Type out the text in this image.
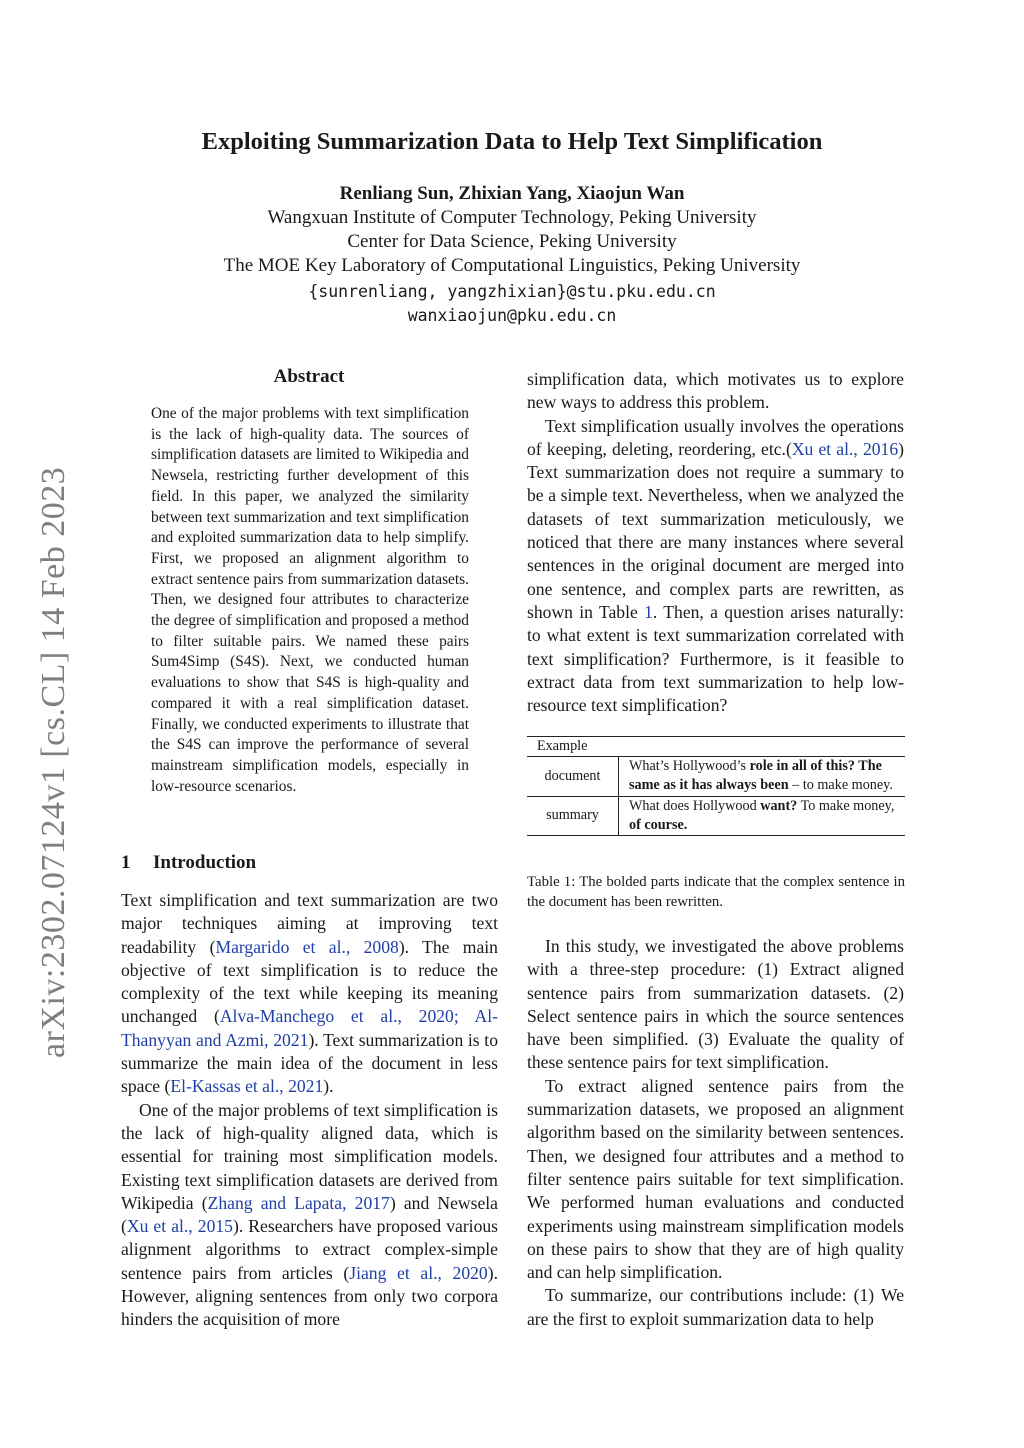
arXiv:2302.07124v1 [cs.CL] 14 Feb 2023
Exploiting Summarization Data to Help Text Simplification
Renliang Sun, Zhixian Yang, Xiaojun Wan
Wangxuan Institute of Computer Technology, Peking University
Center for Data Science, Peking University
The MOE Key Laboratory of Computational Linguistics, Peking University
{sunrenliang, yangzhixian}@stu.pku.edu.cn
wanxiaojun@pku.edu.cn
Abstract
One of the major problems with text simplification is the lack of high-quality data. The sources of simplification datasets are limited to Wikipedia and Newsela, restricting further development of this field. In this paper, we analyzed the similarity between text summarization and text simplification and exploited summarization data to help simplify. First, we proposed an alignment algorithm to extract sentence pairs from summarization datasets. Then, we designed four attributes to characterize the degree of simplification and proposed a method to filter suitable pairs. We named these pairs Sum4Simp (S4S). Next, we conducted human evaluations to show that S4S is high-quality and compared it with a real simplification dataset. Finally, we conducted experiments to illustrate that the S4S can improve the performance of several mainstream simplification models, especially in low-resource scenarios.
1 Introduction

Text simplification and text summarization are two major techniques aiming at improving text readability (Margarido et al., 2008). The main objective of text simplification is to reduce the complexity of the text while keeping its meaning unchanged (Alva-Manchego et al., 2020; Al-Thanyyan and Azmi, 2021). Text summarization is to summarize the main idea of the document in less space (El-Kassas et al., 2021).

One of the major problems of text simplification is the lack of high-quality aligned data, which is essential for training most simplification models. Existing text simplification datasets are derived from Wikipedia (Zhang and Lapata, 2017) and Newsela (Xu et al., 2015). Researchers have proposed various alignment algorithms to extract complex-simple sentence pairs from articles (Jiang et al., 2020). However, aligning sentences from only two corpora hinders the acquisition of more

simplification data, which motivates us to explore new ways to address this problem.

Text simplification usually involves the operations of keeping, deleting, reordering, etc.(Xu et al., 2016) Text summarization does not require a summary to be a simple text. Nevertheless, when we analyzed the datasets of text summarization meticulously, we noticed that there are many instances where several sentences in the original document are merged into one sentence, and complex parts are rewritten, as shown in Table 1. Then, a question arises naturally: to what extent is text summarization correlated with text simplification? Furthermore, is it feasible to extract data from text summarization to help low-resource text simplification?

Example	
document	What’s Hollywood’s role in all of this? The same as it has always been – to make money.
summary	What does Hollywood want? To make money, of course.
Table 1: The bolded parts indicate that the complex sentence in the document has been rewritten.

In this study, we investigated the above problems with a three-step procedure: (1) Extract aligned sentence pairs from summarization datasets. (2) Select sentence pairs in which the source sentences have been simplified. (3) Evaluate the quality of these sentence pairs for text simplification.

To extract aligned sentence pairs from the summarization datasets, we proposed an alignment algorithm based on the similarity between sentences. Then, we designed four attributes and a method to filter sentence pairs suitable for text simplification. We performed human evaluations and conducted experiments using mainstream simplification models on these pairs to show that they are of high quality and can help simplification.

To summarize, our contributions include: (1) We are the first to exploit summarization data to help
